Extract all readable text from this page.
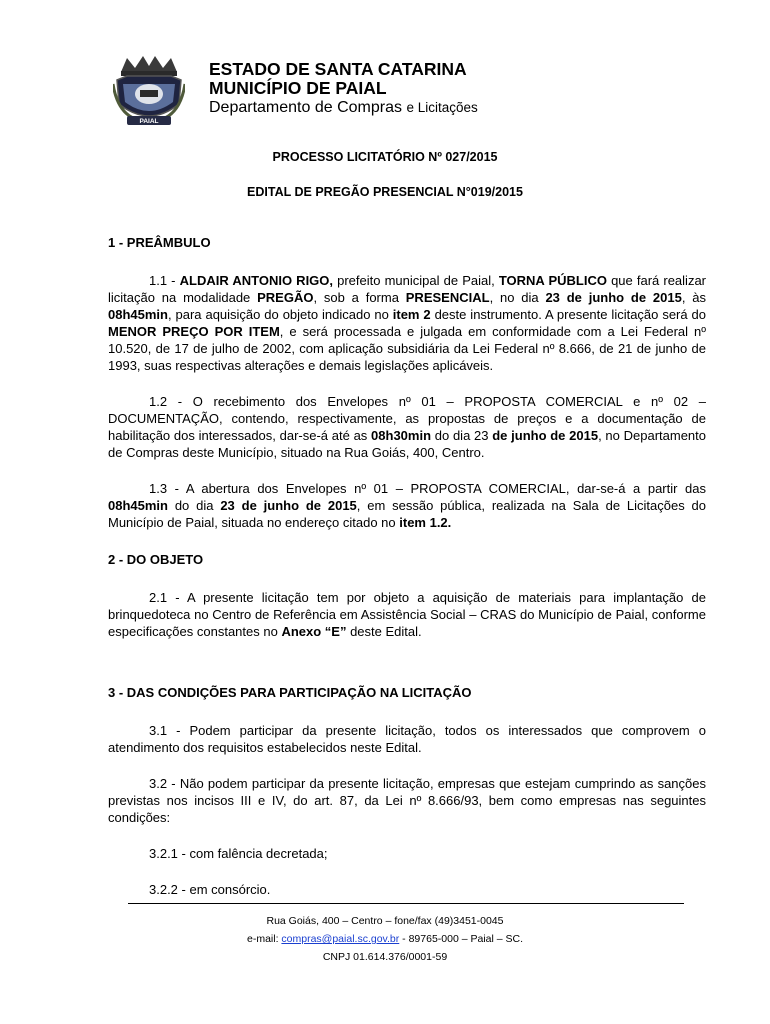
PAIAL
ESTADO DE SANTA CATARINA
MUNICÍPIO DE PAIAL
Departamento de Compras e Licitações
PROCESSO LICITATÓRIO Nº 027/2015
EDITAL DE PREGÃO PRESENCIAL N°019/2015
1 - PREÂMBULO

1.1 - ALDAIR ANTONIO RIGO, prefeito municipal de Paial, TORNA PÚBLICO que fará realizar licitação na modalidade PREGÃO, sob a forma PRESENCIAL, no dia 23 de junho de 2015, às 08h45min, para aquisição do objeto indicado no item 2 deste instrumento. A presente licitação será do MENOR PREÇO POR ITEM, e será processada e julgada em conformidade com a Lei Federal nº 10.520, de 17 de julho de 2002, com aplicação subsidiária da Lei Federal nº 8.666, de 21 de junho de 1993, suas respectivas alterações e demais legislações aplicáveis.

1.2 - O recebimento dos Envelopes nº 01 – PROPOSTA COMERCIAL e nº 02 – DOCUMENTAÇÃO, contendo, respectivamente, as propostas de preços e a documentação de habilitação dos interessados, dar-se-á até as 08h30min do dia 23 de junho de 2015, no Departamento de Compras deste Município, situado na Rua Goiás, 400, Centro.

1.3 - A abertura dos Envelopes nº 01 – PROPOSTA COMERCIAL, dar-se-á a partir das 08h45min do dia 23 de junho de 2015, em sessão pública, realizada na Sala de Licitações do Município de Paial, situada no endereço citado no item 1.2.

2 - DO OBJETO

2.1 - A presente licitação tem por objeto a aquisição de materiais para implantação de brinquedoteca no Centro de Referência em Assistência Social – CRAS do Município de Paial, conforme especificações constantes no Anexo “E” deste Edital.

3 - DAS CONDIÇÕES PARA PARTICIPAÇÃO NA LICITAÇÃO

3.1 - Podem participar da presente licitação, todos os interessados que comprovem o atendimento dos requisitos estabelecidos neste Edital.

3.2 - Não podem participar da presente licitação, empresas que estejam cumprindo as sanções previstas nos incisos III e IV, do art. 87, da Lei nº 8.666/93, bem como empresas nas seguintes condições:

3.2.1 - com falência decretada;

3.2.2 - em consórcio.

Rua Goiás, 400 – Centro – fone/fax (49)3451-0045
e-mail: compras@paial.sc.gov.br - 89765-000 – Paial – SC.
CNPJ 01.614.376/0001-59
